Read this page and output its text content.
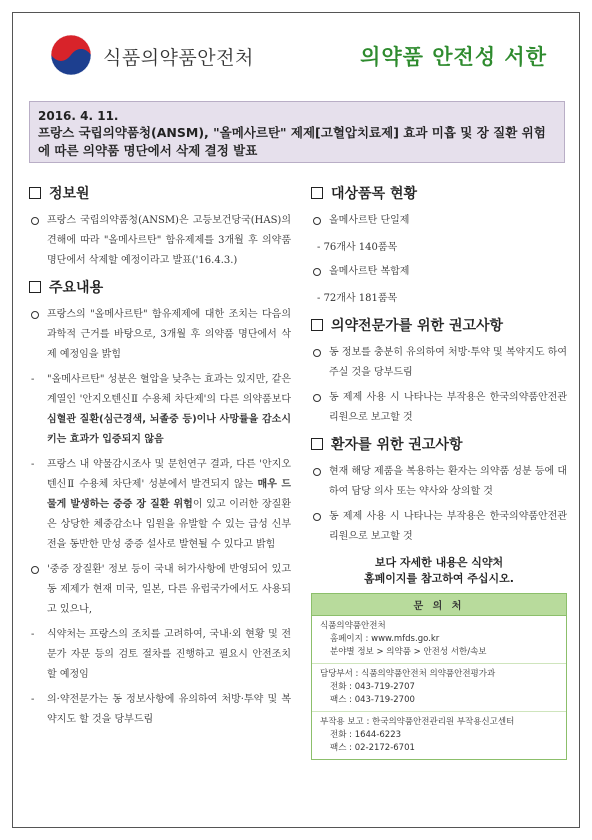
식품의약품안전처	의약품 안전성 서한
2016. 4. 11.
프랑스 국립의약품청(ANSM), "올메사르탄" 제제[고혈압치료제] 효과 미흡 및 장 질환 위험에 따른 의약품 명단에서 삭제 결정 발표
정보원
프랑스 국립의약품청(ANSM)은 고등보건당국(HAS)의 견해에 따라 "올메사르탄" 함유제제를 3개월 후 의약품 명단에서 삭제할 예정이라고 발표('16.4.3.)
주요내용
프랑스의 "올메사르탄" 함유제제에 대한 조치는 다음의 과학적 근거를 바탕으로, 3개월 후 의약품 명단에서 삭제 예정임을 밝힘
-	"올메사르탄" 성분은 혈압을 낮추는 효과는 있지만, 같은 계열인 '안지오텐신Ⅱ 수용체 차단제'의 다른 의약품보다 심혈관 질환(심근경색, 뇌졸중 등)이나 사망률을 감소시키는 효과가 입증되지 않음
-	프랑스 내 약물감시조사 및 문헌연구 결과, 다른 '안지오텐신Ⅱ 수용체 차단제' 성분에서 발견되지 않는 매우 드물게 발생하는 중증 장 질환 위험이 있고 이러한 장질환은 상당한 체중감소나 입원을 유발할 수 있는 급성 신부전을 동반한 만성 중증 설사로 발현될 수 있다고 밝힘
'중증 장질환' 정보 등이 국내 허가사항에 반영되어 있고 동 제제가 현재 미국, 일본, 다른 유럽국가에서도 사용되고 있으나,
-	식약처는 프랑스의 조치를 고려하여, 국내·외 현황 및 전문가 자문 등의 검토 절차를 진행하고 필요시 안전조치할 예정임
-	의·약전문가는 동 정보사항에 유의하여 처방·투약 및 복약지도 할 것을 당부드림
대상품목 현황
올메사르탄 단일제
- 76개사 140품목
올메사르탄 복합제
- 72개사 181품목
의약전문가를 위한 권고사항
동 정보를 충분히 유의하여 처방·투약 및 복약지도 하여 주실 것을 당부드림
동 제제 사용 시 나타나는 부작용은 한국의약품안전관리원으로 보고할 것
환자를 위한 권고사항
현재 해당 제품을 복용하는 환자는 의약품 성분 등에 대하여 담당 의사 또는 약사와 상의할 것
동 제제 사용 시 나타나는 부작용은 한국의약품안전관리원으로 보고할 것
보다 자세한 내용은 식약처
홈페이지를 참고하여 주십시오.
문 의 처
식품의약품안전처
홈페이지 : www.mfds.go.kr
분야별 정보 > 의약품 > 안전성 서한/속보
담당부서 : 식품의약품안전처 의약품안전평가과
전화 : 043-719-2707
팩스 : 043-719-2700
부작용 보고 : 한국의약품안전관리원 부작용신고센터
전화 : 1644-6223
팩스 : 02-2172-6701
